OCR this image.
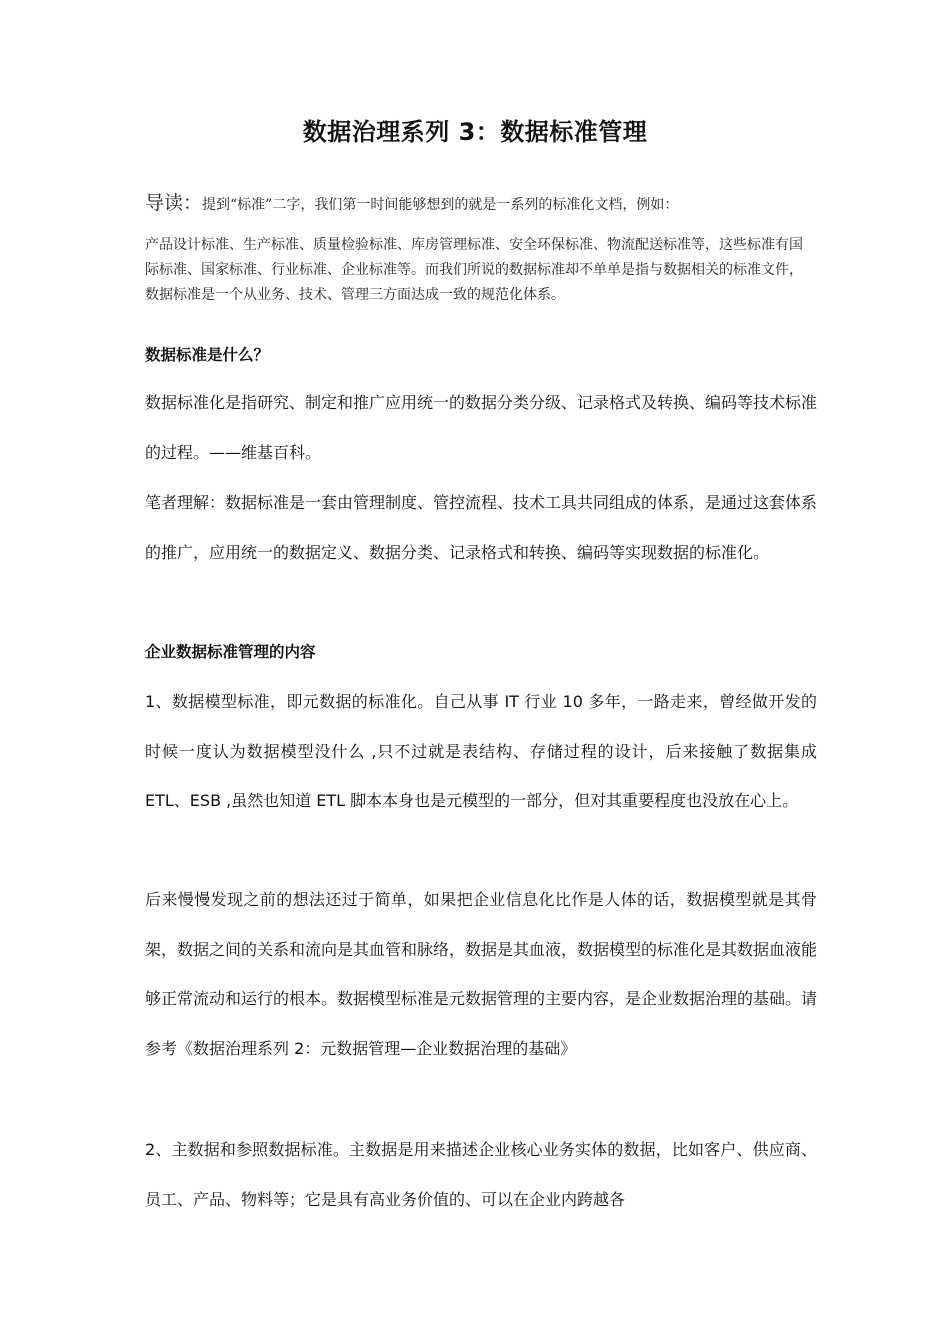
数据治理系列 3：数据标准管理
导读：提到“标准”二字，我们第一时间能够想到的就是一系列的标准化文档，例如：

产品设计标准、生产标准、质量检验标准、库房管理标准、安全环保标准、物流配送标准等，这些标准有国际标准、国家标准、行业标准、企业标准等。而我们所说的数据标准却不单单是指与数据相关的标准文件，数据标准是一个从业务、技术、管理三方面达成一致的规范化体系。

数据标准是什么？

数据标准化是指研究、制定和推广应用统一的数据分类分级、记录格式及转换、编码等技术标准的过程。——维基百科。

笔者理解：数据标准是一套由管理制度、管控流程、技术工具共同组成的体系，是通过这套体系的推广，应用统一的数据定义、数据分类、记录格式和转换、编码等实现数据的标准化。

企业数据标准管理的内容

1、数据模型标准，即元数据的标准化。自己从事 IT 行业 10 多年，一路走来，曾经做开发的时候一度认为数据模型没什么 ,只不过就是表结构、存储过程的设计，后来接触了数据集成 ETL、ESB ,虽然也知道 ETL 脚本本身也是元模型的一部分，但对其重要程度也没放在心上。

后来慢慢发现之前的想法还过于简单，如果把企业信息化比作是人体的话，数据模型就是其骨架，数据之间的关系和流向是其血管和脉络，数据是其血液，数据模型的标准化是其数据血液能够正常流动和运行的根本。数据模型标准是元数据管理的主要内容，是企业数据治理的基础。请参考《数据治理系列 2：元数据管理—企业数据治理的基础》

2、主数据和参照数据标准。主数据是用来描述企业核心业务实体的数据，比如客户、供应商、员工、产品、物料等；它是具有高业务价值的、可以在企业内跨越各
